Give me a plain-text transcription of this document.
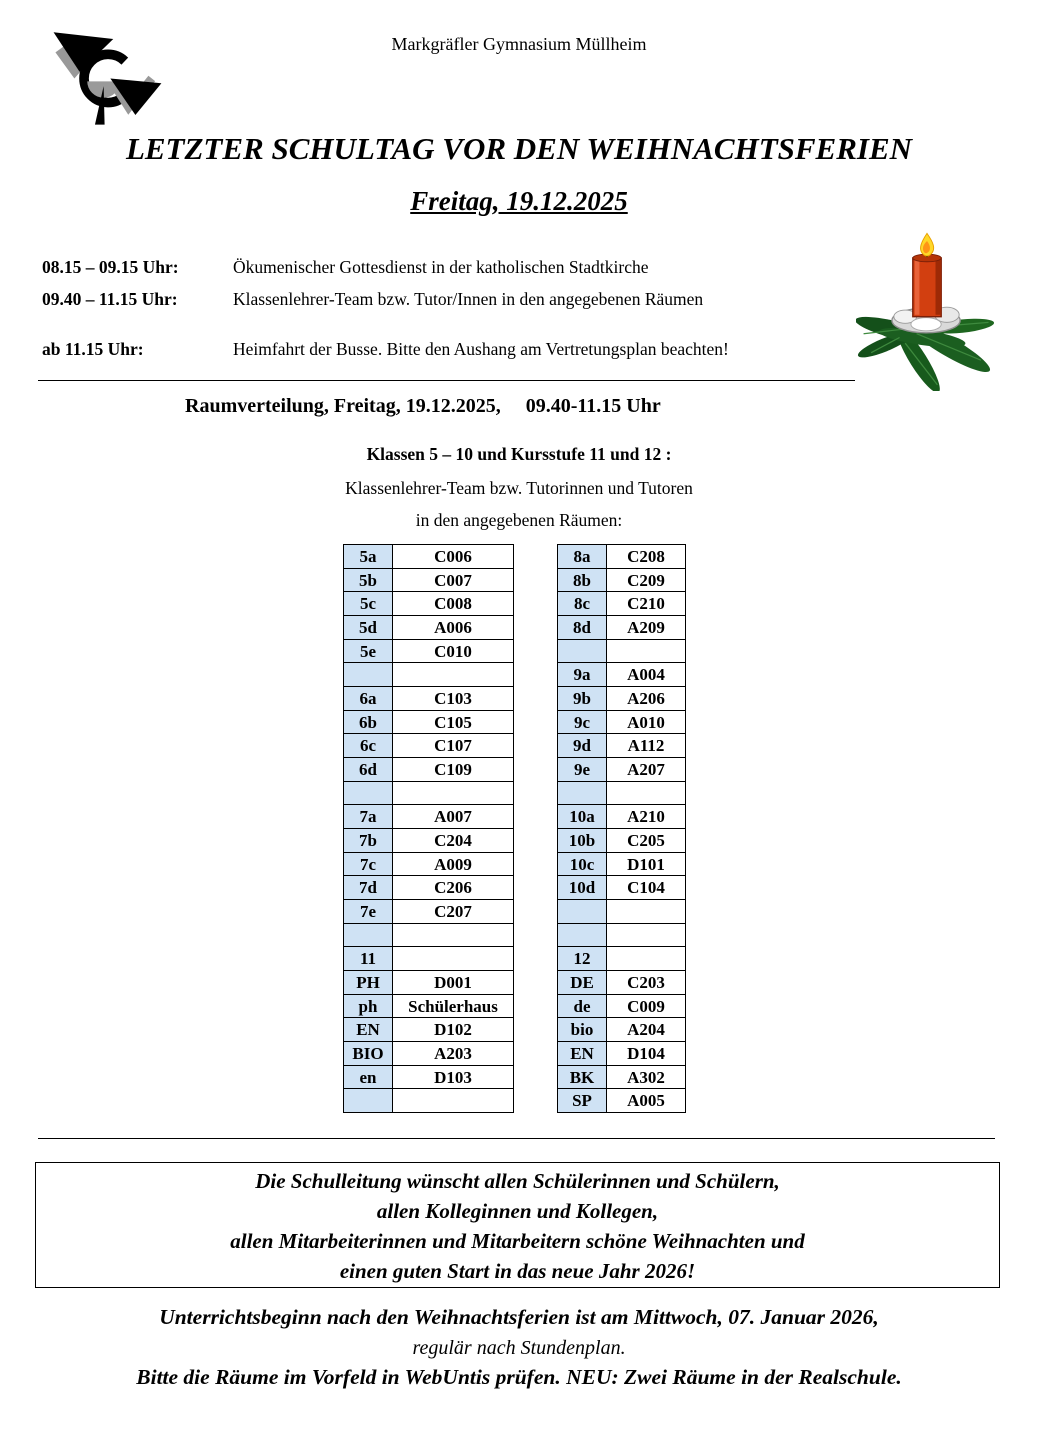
Markgräfler Gymnasium Müllheim
LETZTER SCHULTAG VOR DEN WEIHNACHTSFERIEN
Freitag, 19.12.2025
08.15 – 09.15 Uhr:	Ökumenischer Gottesdienst in der katholischen Stadtkirche
09.40 – 11.15 Uhr:	Klassenlehrer-Team bzw. Tutor/Innen in den angegebenen Räumen
ab 11.15 Uhr:	Heimfahrt der Busse. Bitte den Aushang am Vertretungsplan beachten!
Raumverteilung, Freitag, 19.12.2025,     09.40-11.15 Uhr
Klassen 5 – 10 und Kursstufe 11 und 12 :
Klassenlehrer-Team bzw. Tutorinnen und Tutoren
in den angegebenen Räumen:
5a	C006
5b	C007
5c	C008
5d	A006
5e	C010

6a	C103
6b	C105
6c	C107
6d	C109

7a	A007
7b	C204
7c	A009
7d	C206
7e	C207

11	
PH	D001
ph	Schülerhaus
EN	D102
BIO	A203
en	D103

8a	C208
8b	C209
8c	C210
8d	A209

9a	A004
9b	A206
9c	A010
9d	A112
9e	A207

10a	A210
10b	C205
10c	D101
10d	C104

12	
DE	C203
de	C009
bio	A204
EN	D104
BK	A302
SP	A005
Die Schulleitung wünscht allen Schülerinnen und Schülern,
allen Kolleginnen und Kollegen,
allen Mitarbeiterinnen und Mitarbeitern schöne Weihnachten und
einen guten Start in das neue Jahr 2026!
Unterrichtsbeginn nach den Weihnachtsferien ist am Mittwoch, 07. Januar 2026,
regulär nach Stundenplan.
Bitte die Räume im Vorfeld in WebUntis prüfen. NEU: Zwei Räume in der Realschule.
